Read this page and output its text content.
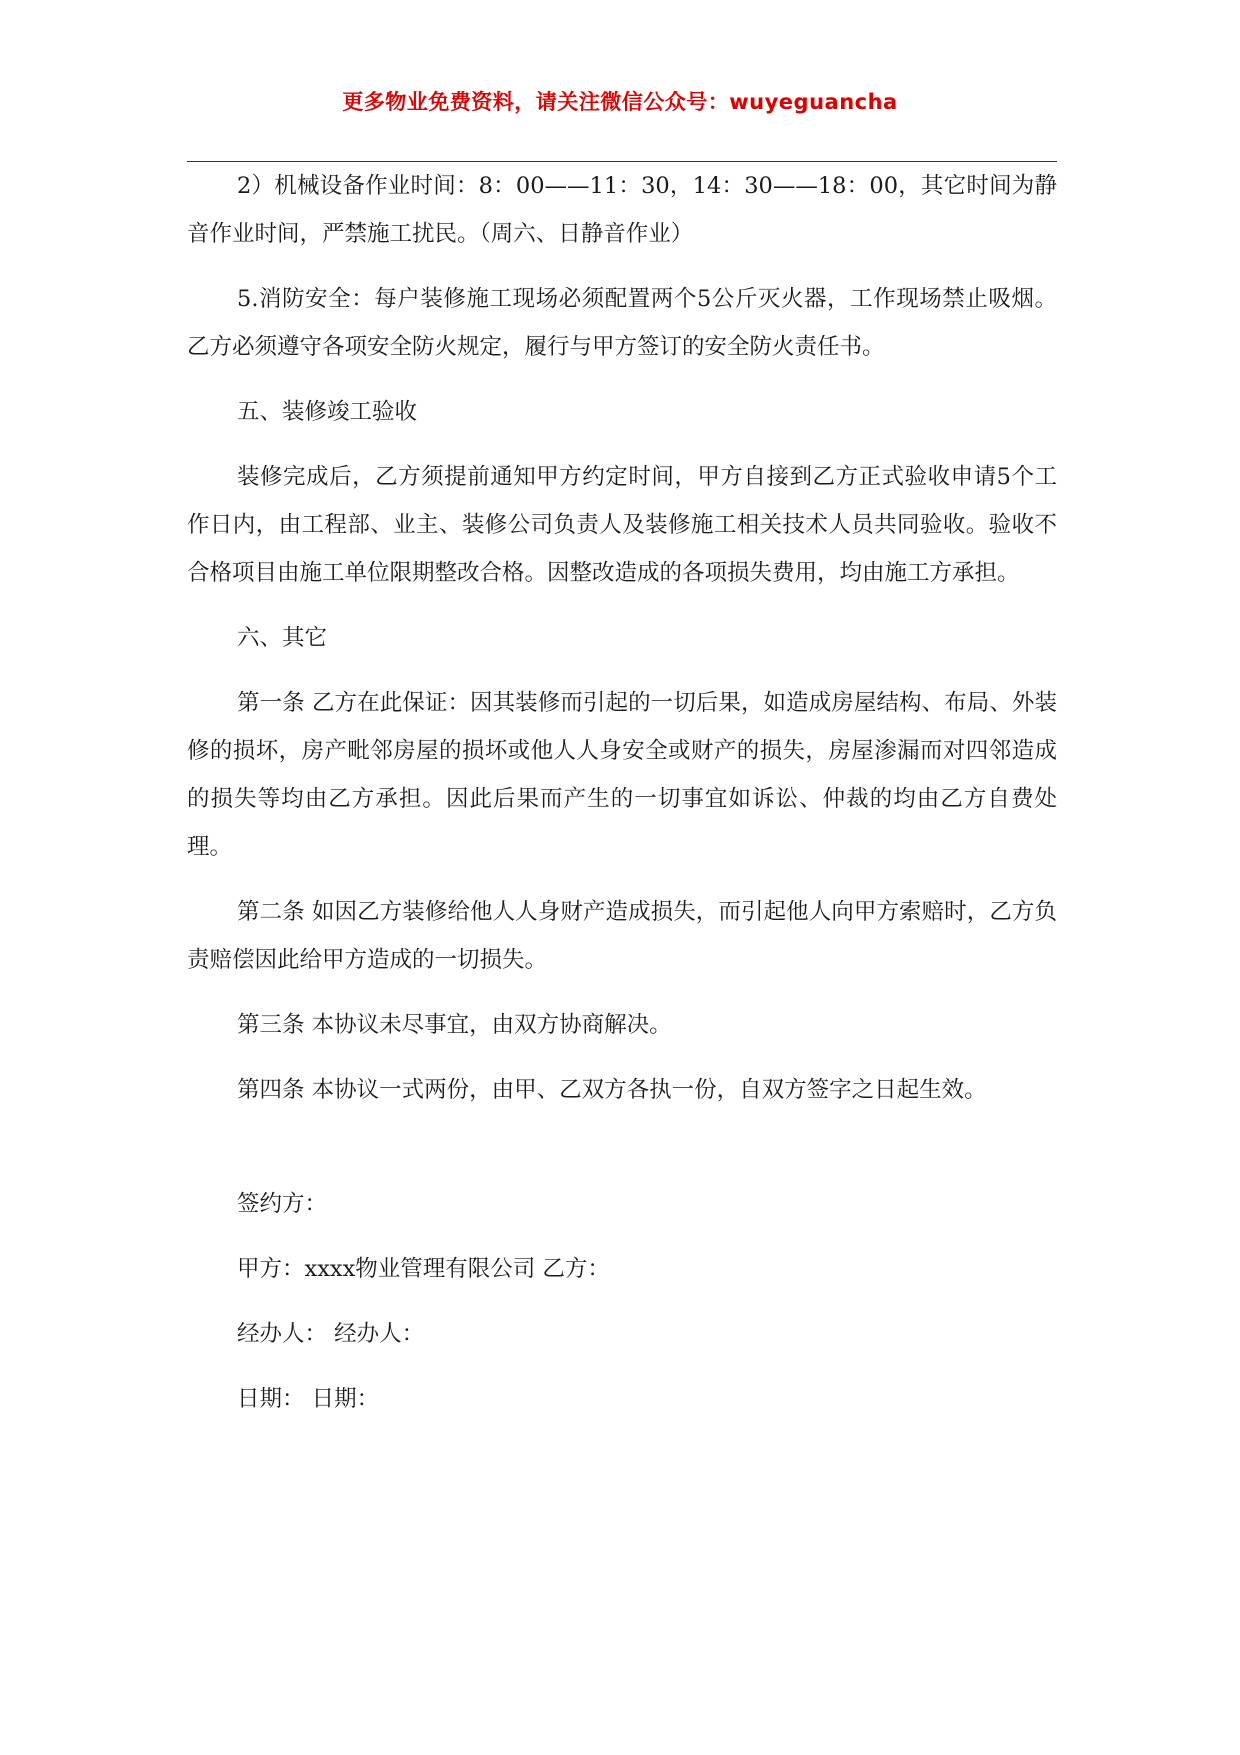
更多物业免费资料，请关注微信公众号：wuyeguancha

2）机械设备作业时间：8：00——11：30，14：30——18：00，其它时间为静音作业时间，严禁施工扰民。（周六、日静音作业）

5.消防安全：每户装修施工现场必须配置两个5公斤灭火器，工作现场禁止吸烟。乙方必须遵守各项安全防火规定，履行与甲方签订的安全防火责任书。

五、装修竣工验收

装修完成后，乙方须提前通知甲方约定时间，甲方自接到乙方正式验收申请5个工作日内，由工程部、业主、装修公司负责人及装修施工相关技术人员共同验收。验收不合格项目由施工单位限期整改合格。因整改造成的各项损失费用，均由施工方承担。

六、其它

第一条 乙方在此保证：因其装修而引起的一切后果，如造成房屋结构、布局、外装修的损坏，房产毗邻房屋的损坏或他人人身安全或财产的损失，房屋渗漏而对四邻造成的损失等均由乙方承担。因此后果而产生的一切事宜如诉讼、仲裁的均由乙方自费处理。

第二条 如因乙方装修给他人人身财产造成损失，而引起他人向甲方索赔时，乙方负责赔偿因此给甲方造成的一切损失。

第三条 本协议未尽事宜，由双方协商解决。

第四条 本协议一式两份，由甲、乙双方各执一份，自双方签字之日起生效。

签约方：

甲方：xxxx物业管理有限公司 乙方：

经办人： 经办人：

日期： 日期：
